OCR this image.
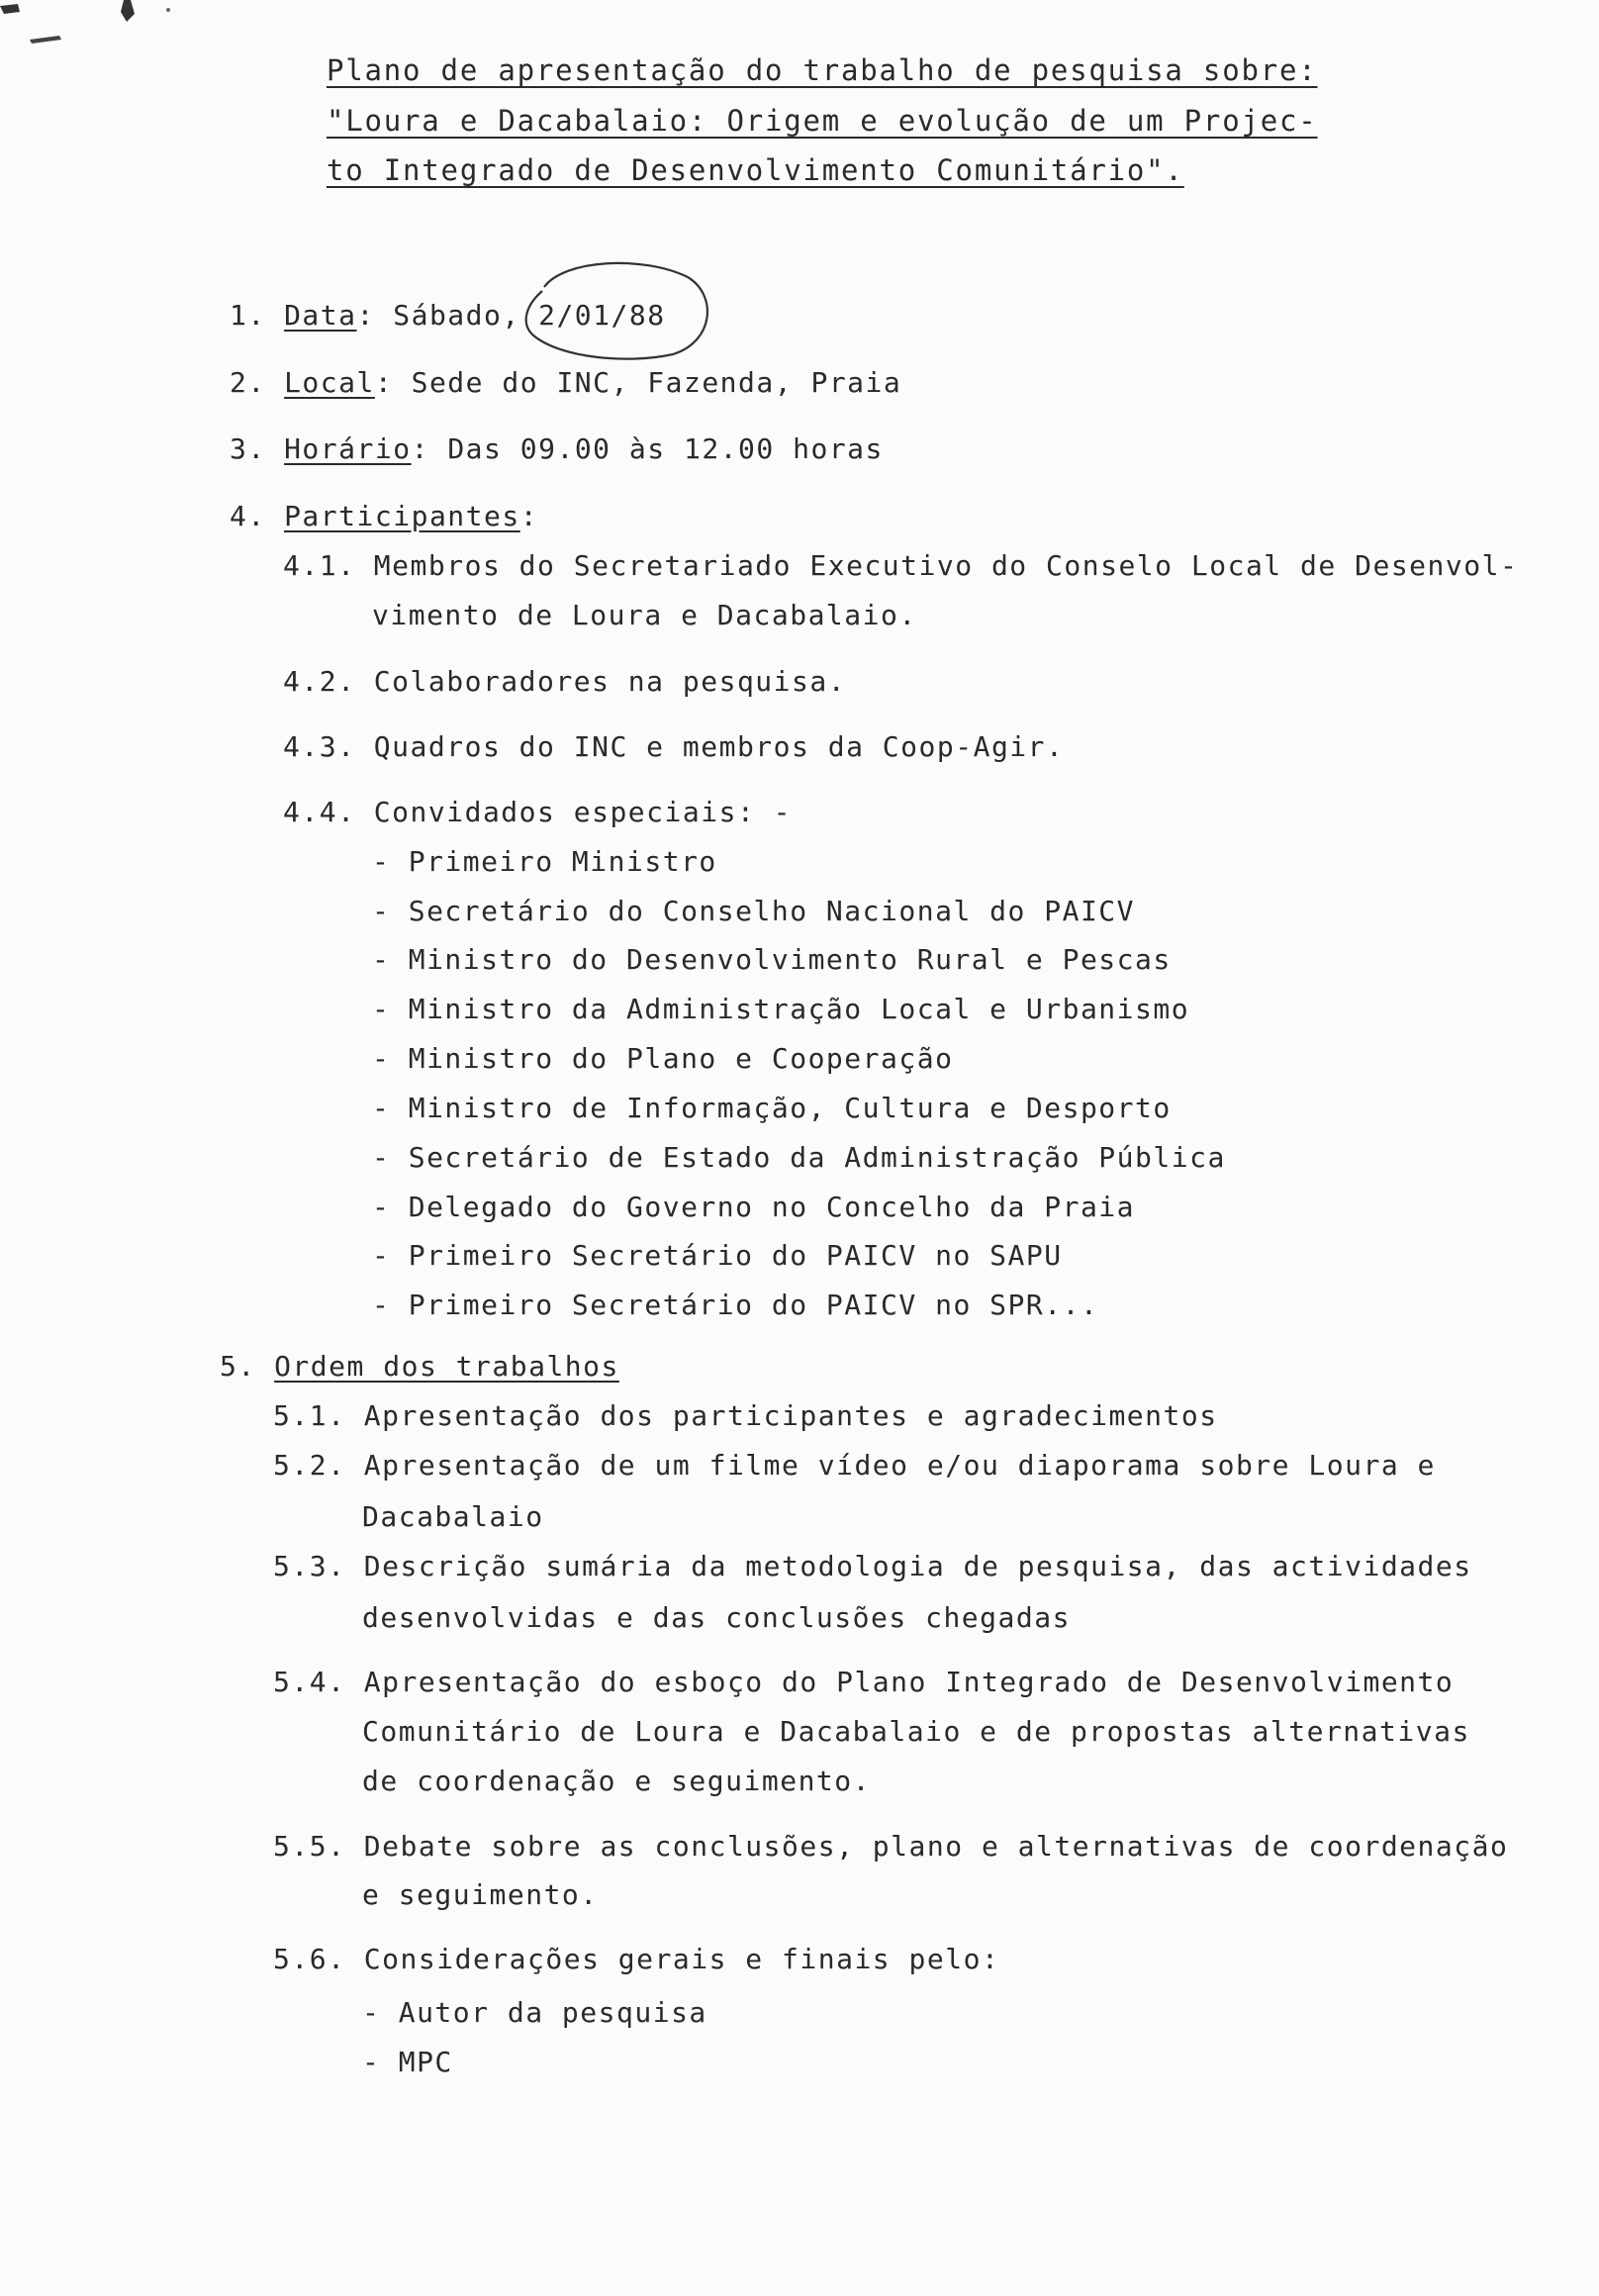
Plano de apresentação do trabalho de pesquisa sobre:
"Loura e Dacabalaio: Origem e evolução de um Projec-
to Integrado de Desenvolvimento Comunitário".
1. Data: Sábado, 2/01/88
2. Local: Sede do INC, Fazenda, Praia
3. Horário: Das 09.00 às 12.00 horas
4. Participantes:
4.1. Membros do Secretariado Executivo do Conselo Local de Desenvol-
vimento de Loura e Dacabalaio.
4.2. Colaboradores na pesquisa.
4.3. Quadros do INC e membros da Coop-Agir.
4.4. Convidados especiais: -
- Primeiro Ministro
- Secretário do Conselho Nacional do PAICV
- Ministro do Desenvolvimento Rural e Pescas
- Ministro da Administração Local e Urbanismo
- Ministro do Plano e Cooperação
- Ministro de Informação, Cultura e Desporto
- Secretário de Estado da Administração Pública
- Delegado do Governo no Concelho da Praia
- Primeiro Secretário do PAICV no SAPU
- Primeiro Secretário do PAICV no SPR...
5. Ordem dos trabalhos
5.1. Apresentação dos participantes e agradecimentos
5.2. Apresentação de um filme vídeo e/ou diaporama sobre Loura e
Dacabalaio
5.3. Descrição sumária da metodologia de pesquisa, das actividades
desenvolvidas e das conclusões chegadas
5.4. Apresentação do esboço do Plano Integrado de Desenvolvimento
Comunitário de Loura e Dacabalaio e de propostas alternativas
de coordenação e seguimento.
5.5. Debate sobre as conclusões, plano e alternativas de coordenação
e seguimento.
5.6. Considerações gerais e finais pelo:
- Autor da pesquisa
- MPC
